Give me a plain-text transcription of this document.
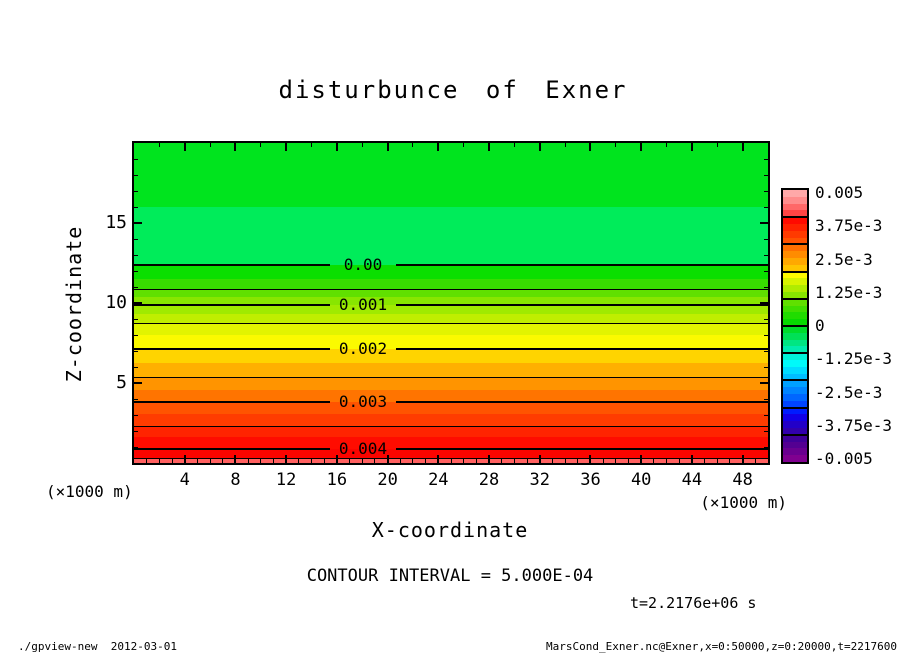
disturbunce of Exner
0.00
0.001
0.002
0.003
0.004
Z-coordinate
15
10
5
4 8 12 16 20 24 28 32 36 40 44 48
(×1000 m)
(×1000 m)
X-coordinate
CONTOUR INTERVAL = 5.000E-04
t=2.2176e+06 s
0.005
3.75e-3
2.5e-3
1.25e-3
0
-1.25e-3
-2.5e-3
-3.75e-3
-0.005
./gpview-new  2012-03-01	MarsCond_Exner.nc@Exner,x=0:50000,z=0:20000,t=2217600
